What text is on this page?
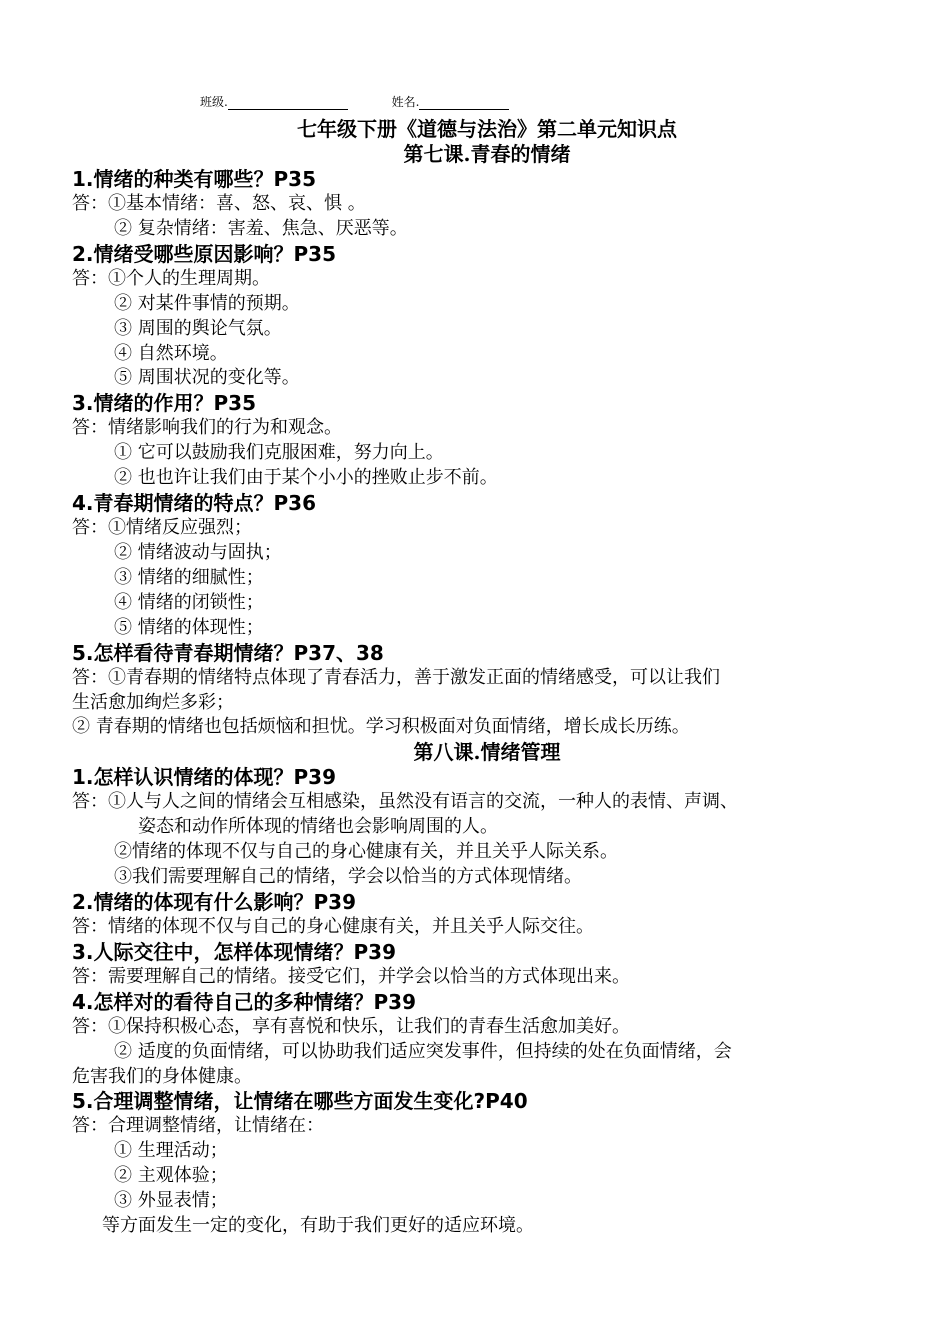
班级.	姓名.
七年级下册《道德与法治》第二单元知识点
第七课.青春的情绪
1.情绪的种类有哪些？P35
答：①基本情绪：喜、怒、哀、惧 。
② 复杂情绪：害羞、焦急、厌恶等。
2.情绪受哪些原因影响？P35
答：①个人的生理周期。
② 对某件事情的预期。
③ 周围的舆论气氛。
④ 自然环境。
⑤ 周围状况的变化等。
3.情绪的作用？P35
答：情绪影响我们的行为和观念。
① 它可以鼓励我们克服困难，努力向上。
② 也也许让我们由于某个小小的挫败止步不前。
4.青春期情绪的特点？P36
答：①情绪反应强烈；
② 情绪波动与固执；
③ 情绪的细腻性；
④ 情绪的闭锁性；
⑤ 情绪的体现性；
5.怎样看待青春期情绪？P37、38
答：①青春期的情绪特点体现了青春活力，善于激发正面的情绪感受，可以让我们
生活愈加绚烂多彩；
② 青春期的情绪也包括烦恼和担忧。学习积极面对负面情绪，增长成长历练。
第八课.情绪管理
1.怎样认识情绪的体现？P39
答：①人与人之间的情绪会互相感染，虽然没有语言的交流，一种人的表情、声调、
姿态和动作所体现的情绪也会影响周围的人。
②情绪的体现不仅与自己的身心健康有关，并且关乎人际关系。
③我们需要理解自己的情绪，学会以恰当的方式体现情绪。
2.情绪的体现有什么影响？P39
答：情绪的体现不仅与自己的身心健康有关，并且关乎人际交往。
3.人际交往中，怎样体现情绪？P39
答：需要理解自己的情绪。接受它们，并学会以恰当的方式体现出来。
4.怎样对的看待自己的多种情绪？P39
答：①保持积极心态，享有喜悦和快乐，让我们的青春生活愈加美好。
② 适度的负面情绪，可以协助我们适应突发事件，但持续的处在负面情绪，会
危害我们的身体健康。
5.合理调整情绪，让情绪在哪些方面发生变化?P40
答：合理调整情绪，让情绪在：
① 生理活动；
② 主观体验；
③ 外显表情；
等方面发生一定的变化，有助于我们更好的适应环境。
